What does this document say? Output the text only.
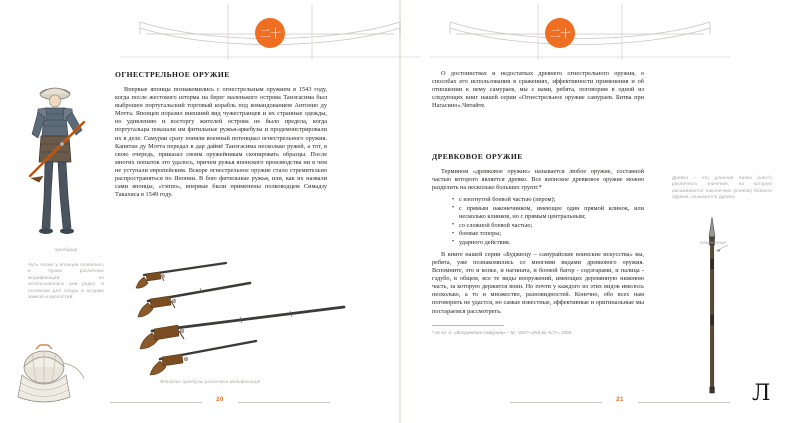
二十	二十
ОГНЕСТРЕЛЬНОЕ ОРУЖИЕ

Впервые японцы познакомились с огнестрельным оружием в 1543 году, когда после жестокого шторма на берег маленького острова Танэгасима был выброшен португальский торговый корабль под командованием Антонио ду Мотта. Японцев поразил внешний вид чужестранцев и их странные одежды, но удивлению и восторгу жителей острова не было предела, когда португальцы показали им фитильные ружья-аркебузы и продемонстрировали их в деле. Самураи сразу поняли военный потенциал огнестрельного оружия. Капитан ду Мотта передал в дар даймё Танэгасима несколько ружей, а тот, в свою очередь, приказал своим оружейникам скопировать образцы. После многих попыток это удалось, причем ружья японского производства ни в чем не уступали европейским. Вскоре огнестрельное оружие стало стремительно распространяться по Японии. В бою фитильные ружья, или, как их назвали сами японцы, «тэппо», впервые были применены полководцем Симадзу Такахиса в 1549 году.

О достоинствах и недостатках древнего огнестрельного оружия, о способах его использования в сражениях, эффективности применения и об отношении к нему самураев, мы с вами, ребята, поговорим в одной из следующих книг нашей серии «Огнестрельное оружие самураев. Битва при Нагасино».Читайте.

ДРЕВКОВОЕ ОРУЖИЕ

Термином «древковое оружие» называется любое оружие, составной частью которого является древко. Все японское древковое оружие можно разделить на несколько больших групп:*

• с изогнутой боевой частью (пером);
• с прямым наконечником, имеющее один прямой клинок, или несколько клинков, но с прямым центральным;
• со сложной боевой частью;
• боевые топоры;
• ударного действия.

В книге нашей серии «Буджюцу – самурайские воинские искусства» вы, ребята, уже познакомились со многими видами древкового оружия. Вспомните, это и копье, и нагината, и боевой багор - содэгарами, и палица - гэдубо, в общем, все те виды вооружений, имеющих деревянную нижнюю часть, за которую держится воин. Но почти у каждого из этих видов имелось несколько, а то и множество, разновидностей. Конечно, обо всех нам поговорить не удастся, но самые известные, эффективные и оригинальные мы постараемся рассмотреть.

* по кн. А. «Вооружение самураев» – М.: ООО «Изд-во АСТ», 2004
Чуть позже у японцев появились и пушки различных модификаций, но использовались они редко, в основном для осады и штурма замков и крепостей.
Древко – это длинная палка (шест) различного значения, на которую насаживается наконечник (клинок) боевого оружия, называется древко.
Аркебузир
Японские аркебузы различных модификаций
Наконечник
20	21	Л
